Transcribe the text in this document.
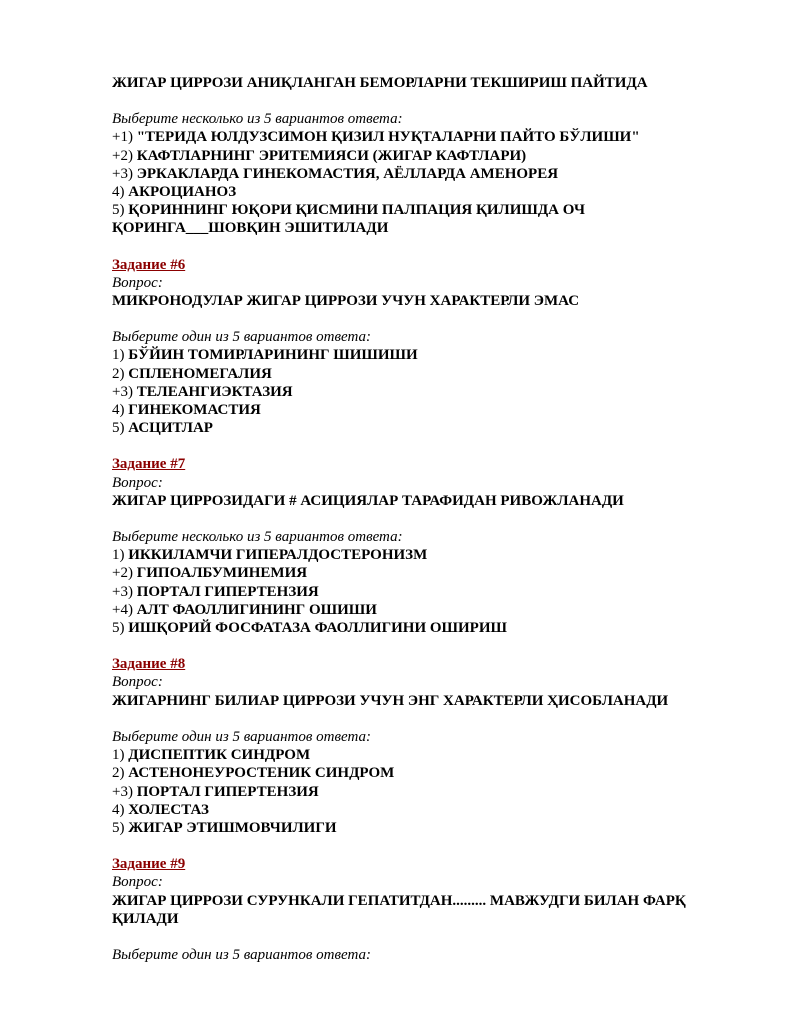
ЖИГАР ЦИРРОЗИ АНИҚЛАНГАН БЕМОРЛАРНИ ТЕКШИРИШ ПАЙТИДА
Выберите несколько из 5 вариантов ответа:
+1) "ТЕРИДА ЮЛДУЗСИМОН ҚИЗИЛ НУҚТАЛАРНИ ПАЙТО БЎЛИШИ"
+2) КАФТЛАРНИНГ ЭРИТЕМИЯСИ (ЖИГАР КАФТЛАРИ)
+3) ЭРКАКЛАРДА ГИНЕКОМАСТИЯ, АЁЛЛАРДА АМЕНОРЕЯ
4) АКРОЦИАНОЗ
5) ҚОРИННИНГ ЮҚОРИ ҚИСМИНИ ПАЛПАЦИЯ ҚИЛИШДА ОЧ ҚОРИНГА___ШОВҚИН ЭШИТИЛАДИ
Задание #6
Вопрос:
МИКРОНОДУЛАР ЖИГАР ЦИРРОЗИ УЧУН ХАРАКТЕРЛИ ЭМАС
Выберите один из 5 вариантов ответа:
1) БЎЙИН ТОМИРЛАРИНИНГ ШИШИШИ
2) СПЛЕНОМЕГАЛИЯ
+3) ТЕЛЕАНГИЭКТАЗИЯ
4) ГИНЕКОМАСТИЯ
5) АСЦИТЛАР
Задание #7
Вопрос:
ЖИГАР ЦИРРОЗИДАГИ # АСИЦИЯЛАР ТАРАФИДАН РИВОЖЛАНАДИ
Выберите несколько из 5 вариантов ответа:
1) ИККИЛАМЧИ ГИПЕРАЛДОСТЕРОНИЗМ
+2) ГИПОАЛБУМИНЕМИЯ
+3) ПОРТАЛ ГИПЕРТЕНЗИЯ
+4) АЛТ ФАОЛЛИГИНИНГ ОШИШИ
5) ИШҚОРИЙ ФОСФАТАЗА ФАОЛЛИГИНИ ОШИРИШ
Задание #8
Вопрос:
ЖИГАРНИНГ БИЛИАР ЦИРРОЗИ УЧУН ЭНГ ХАРАКТЕРЛИ ҲИСОБЛАНАДИ
Выберите один из 5 вариантов ответа:
1) ДИСПЕПТИК СИНДРОМ
2) АСТЕНОНЕУРОСТЕНИК СИНДРОМ
+3) ПОРТАЛ ГИПЕРТЕНЗИЯ
4) ХОЛЕСТАЗ
5) ЖИГАР ЭТИШМОВЧИЛИГИ
Задание #9
Вопрос:
ЖИГАР ЦИРРОЗИ СУРУНКАЛИ ГЕПАТИТДАН......... МАВЖУДГИ БИЛАН ФАРҚ ҚИЛАДИ
Выберите один из 5 вариантов ответа:
